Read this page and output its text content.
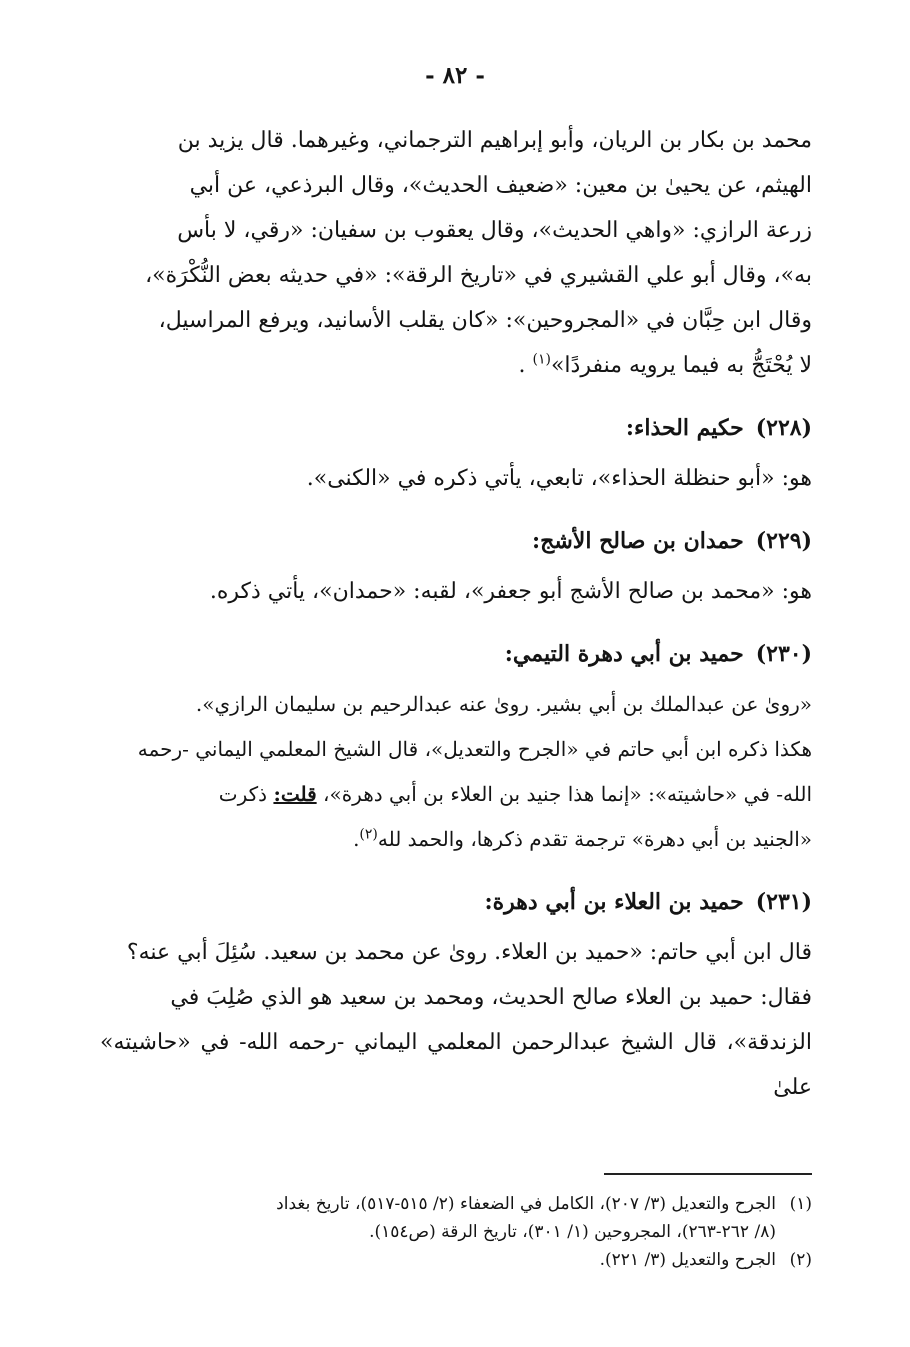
- ٨٢ -

محمد بن بكار بن الريان، وأبو إبراهيم الترجماني، وغيرهما. قال يزيد بن

الهيثم، عن يحيىٰ بن معين: «ضعيف الحديث»، وقال البرذعي، عن أبي

زرعة الرازي: «واهي الحديث»، وقال يعقوب بن سفيان: «رقي، لا بأس

به»، وقال أبو علي القشيري في «تاريخ الرقة»: «في حديثه بعض النُّكْرَة»،

وقال ابن حِبَّان في «المجروحين»: «كان يقلب الأسانيد، ويرفع المراسيل،

لا يُحْتَجُّ به فيما يرويه منفردًا»$^{(١)}$ .

(٢٢٨)حكيم الحذاء:

هو: «أبو حنظلة الحذاء»، تابعي، يأتي ذكره في «الكنى».

(٢٢٩)حمدان بن صالح الأشج:

هو: «محمد بن صالح الأشج أبو جعفر»، لقبه: «حمدان»، يأتي ذكره.

(٢٣٠)حميد بن أبي دهرة التيمي:

«رویٰ عن عبدالملك بن أبي بشير. رویٰ عنه عبدالرحيم بن سليمان الرازي».

هكذا ذكره ابن أبي حاتم في «الجرح والتعديل»، قال الشيخ المعلمي اليماني -رحمه

الله- في «حاشيته»: «إنما هذا جنيد بن العلاء بن أبي دهرة»، قلت: ذكرت

«الجنيد بن أبي دهرة» ترجمة تقدم ذكرها، والحمد لله$^{(٢)}$.

(٢٣١)حميد بن العلاء بن أبي دهرة:

قال ابن أبي حاتم: «حميد بن العلاء. روىٰ عن محمد بن سعيد. سُئِلَ أبي عنه؟

فقال: حميد بن العلاء صالح الحديث، ومحمد بن سعيد هو الذي صُلِبَ في

الزندقة»، قال الشيخ عبدالرحمن المعلمي اليماني -رحمه الله- في «حاشيته» علىٰ

(١)الجرح والتعديل (٣/ ٢٠٧)، الكامل في الضعفاء (٢/ ٥١٥-٥١٧)، تاريخ بغداد

(٨/ ٢٦٢-٢٦٣)، المجروحين (١/ ٣٠١)، تاريخ الرقة (ص١٥٤).

(٢)الجرح والتعديل (٣/ ٢٢١).
